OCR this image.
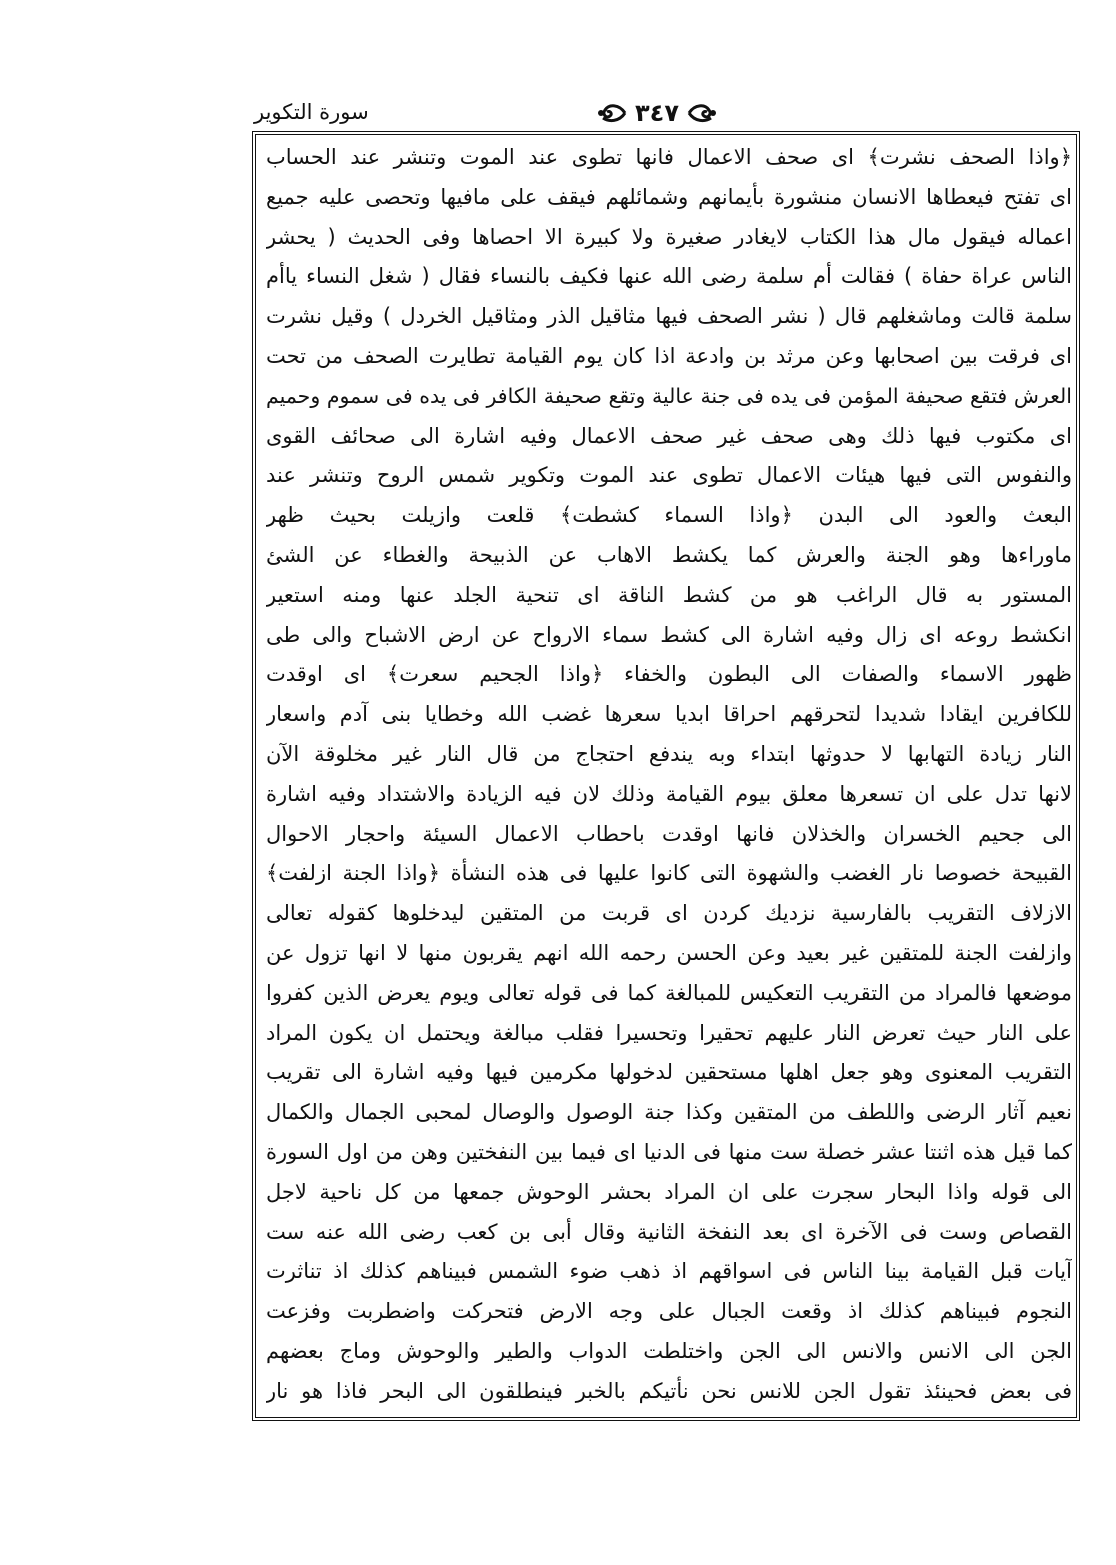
سورة التكوير	٣٤٧
﴿واذا الصحف نشرت﴾ اى صحف الاعمال فانها تطوى عند الموت وتنشر عند الحساب
اى تفتح فيعطاها الانسان منشورة بأيمانهم وشمائلهم فيقف على مافيها وتحصى عليه جميع
اعماله فيقول مال هذا الكتاب لايغادر صغيرة ولا كبيرة الا احصاها وفى الحديث ( يحشر
الناس عراة حفاة ) فقالت أم سلمة رضى الله عنها فكيف بالنساء فقال ( شغل النساء ياأم
سلمة قالت وماشغلهم قال ( نشر الصحف فيها مثاقيل الذر ومثاقيل الخردل ) وقيل نشرت
اى فرقت بين اصحابها وعن مرثد بن وادعة اذا كان يوم القيامة تطايرت الصحف من تحت
العرش فتقع صحيفة المؤمن فى يده فى جنة عالية وتقع صحيفة الكافر فى يده فى سموم وحميم
اى مكتوب فيها ذلك وهى صحف غير صحف الاعمال وفيه اشارة الى صحائف القوى
والنفوس التى فيها هيئات الاعمال تطوى عند الموت وتكوير شمس الروح وتنشر عند
البعث والعود الى البدن ﴿واذا السماء كشطت﴾ قلعت وازيلت بحيث ظهر
ماوراءها وهو الجنة والعرش كما يكشط الاهاب عن الذبيحة والغطاء عن الشئ
المستور به قال الراغب هو من كشط الناقة اى تنحية الجلد عنها ومنه استعير
انكشط روعه اى زال وفيه اشارة الى كشط سماء الارواح عن ارض الاشباح والى طى
ظهور الاسماء والصفات الى البطون والخفاء ﴿واذا الجحيم سعرت﴾ اى اوقدت
للكافرين ايقادا شديدا لتحرقهم احراقا ابديا سعرها غضب الله وخطايا بنى آدم واسعار
النار زيادة التهابها لا حدوثها ابتداء وبه يندفع احتجاج من قال النار غير مخلوقة الآن
لانها تدل على ان تسعرها معلق بيوم القيامة وذلك لان فيه الزيادة والاشتداد وفيه اشارة
الى جحيم الخسران والخذلان فانها اوقدت باحطاب الاعمال السيئة واحجار الاحوال
القبيحة خصوصا نار الغضب والشهوة التى كانوا عليها فى هذه النشأة ﴿واذا الجنة ازلفت﴾
الازلاف التقريب بالفارسية نزديك كردن اى قربت من المتقين ليدخلوها كقوله تعالى
وازلفت الجنة للمتقين غير بعيد وعن الحسن رحمه الله انهم يقربون منها لا انها تزول عن
موضعها فالمراد من التقريب التعكيس للمبالغة كما فى قوله تعالى ويوم يعرض الذين كفروا
على النار حيث تعرض النار عليهم تحقيرا وتحسيرا فقلب مبالغة ويحتمل ان يكون المراد
التقريب المعنوى وهو جعل اهلها مستحقين لدخولها مكرمين فيها وفيه اشارة الى تقريب
نعيم آثار الرضى واللطف من المتقين وكذا جنة الوصول والوصال لمحبى الجمال والكمال
كما قيل هذه اثنتا عشر خصلة ست منها فى الدنيا اى فيما بين النفختين وهن من اول السورة
الى قوله واذا البحار سجرت على ان المراد بحشر الوحوش جمعها من كل ناحية لاجل
القصاص وست فى الآخرة اى بعد النفخة الثانية وقال أبى بن كعب رضى الله عنه ست
آيات قبل القيامة بينا الناس فى اسواقهم اذ ذهب ضوء الشمس فبيناهم كذلك اذ تناثرت
النجوم فبيناهم كذلك اذ وقعت الجبال على وجه الارض فتحركت واضطربت وفزعت
الجن الى الانس والانس الى الجن واختلطت الدواب والطير والوحوش وماج بعضهم
فى بعض فحينئذ تقول الجن للانس نحن نأتيكم بالخبر فينطلقون الى البحر فاذا هو نار
